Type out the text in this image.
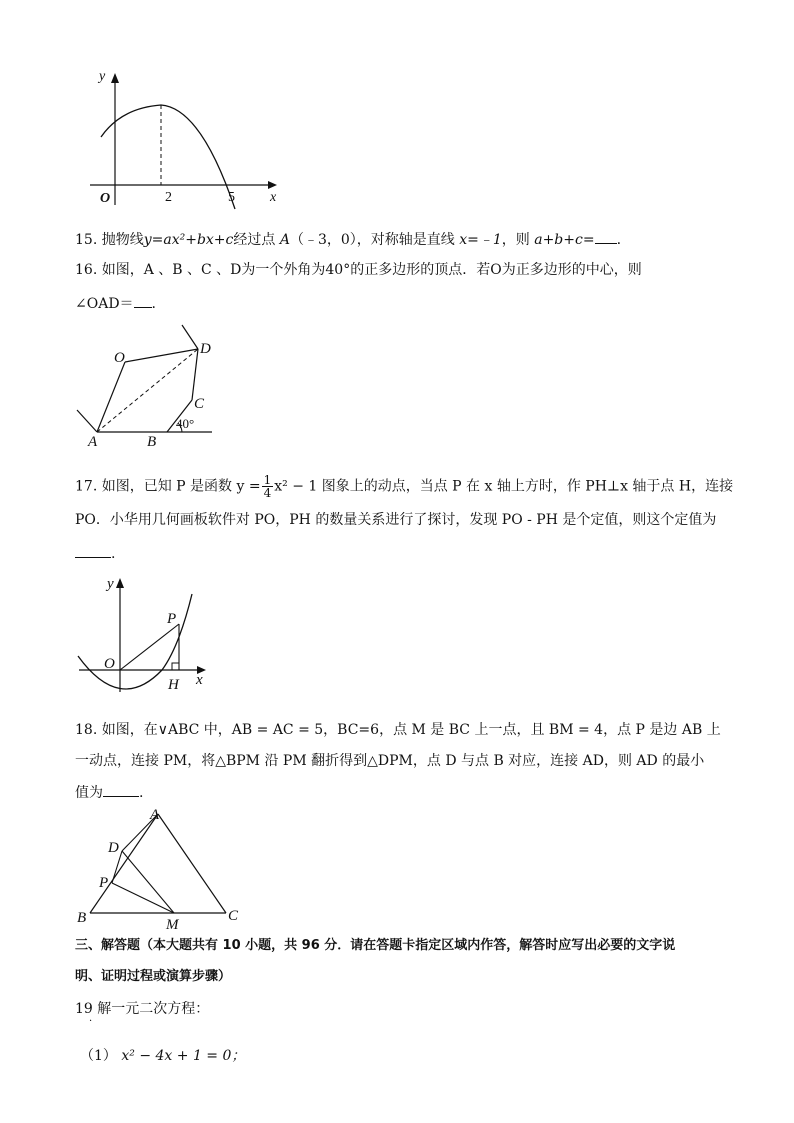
y
x
O	2	5
15. 抛物线y=ax²+bx+c经过点 A（﹣3，0），对称轴是直线 x=﹣1，则 a+b+c= .
16. 如图，A 、B 、C 、D为一个外角为40°的正多边形的顶点．若O为正多边形的中心，则
∠OAD＝ .
O
D
C
A	B
40°
17. 如图，已知 P 是函数 $y = \frac{1}{4} x^2 - 1$ 图象上的动点，当点 P 在 x 轴上方时，作 PH⊥x 轴于点 H，连接
PO．小华用几何画板软件对 PO，PH 的数量关系进行了探讨，发现 PO - PH 是个定值，则这个定值为
.
y
P
O
H x
18. 如图，在∨ABC 中，AB = AC = 5，BC=6，点 M 是 BC 上一点，且 BM = 4，点 P 是边 AB 上
一动点，连接 PM，将△BPM 沿 PM 翻折得到△DPM，点 D 与点 B 对应，连接 AD，则 AD 的最小
值为	.
A
D
P
B	M
C
三、解答题（本大题共有 10 小题，共 96 分．请在答题卡指定区域内作答，解答时应写出必要的文字说
明、证明过程或演算步骤）
19 解一元二次方程：
·
（1） x² − 4x + 1 = 0；
